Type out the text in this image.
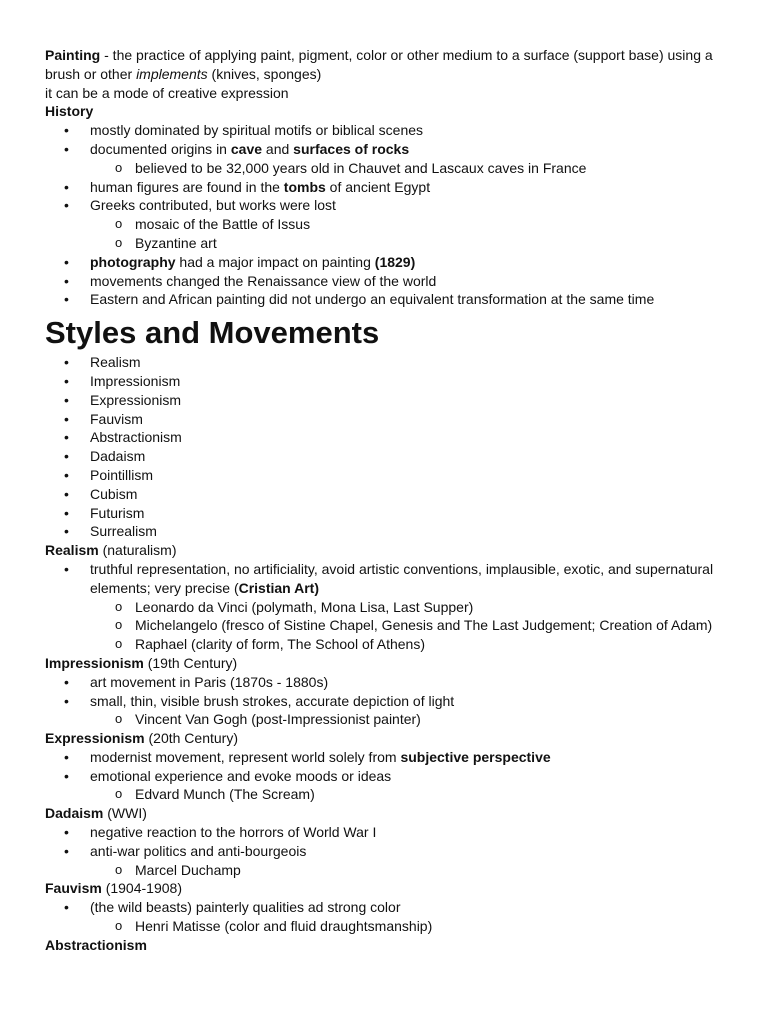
Painting - the practice of applying paint, pigment, color or other medium to a surface (support base) using a brush or other implements (knives, sponges)

it can be a mode of creative expression

History

• mostly dominated by spiritual motifs or biblical scenes
• documented origins in cave and surfaces of rocks
o believed to be 32,000 years old in Chauvet and Lascaux caves in France
• human figures are found in the tombs of ancient Egypt
• Greeks contributed, but works were lost
o mosaic of the Battle of Issus
o Byzantine art
• photography had a major impact on painting (1829)
• movements changed the Renaissance view of the world
• Eastern and African painting did not undergo an equivalent transformation at the same time

Styles and Movements

• Realism
• Impressionism
• Expressionism
• Fauvism
• Abstractionism
• Dadaism
• Pointillism
• Cubism
• Futurism
• Surrealism

Realism (naturalism)

• truthful representation, no artificiality, avoid artistic conventions, implausible, exotic, and supernatural elements; very precise (Cristian Art)
o Leonardo da Vinci (polymath, Mona Lisa, Last Supper)
o Michelangelo (fresco of Sistine Chapel, Genesis and The Last Judgement; Creation of Adam)
o Raphael (clarity of form, The School of Athens)

Impressionism (19th Century)

• art movement in Paris (1870s - 1880s)
• small, thin, visible brush strokes, accurate depiction of light
o Vincent Van Gogh (post-Impressionist painter)

Expressionism (20th Century)

• modernist movement, represent world solely from subjective perspective
• emotional experience and evoke moods or ideas
o Edvard Munch (The Scream)

Dadaism (WWI)

• negative reaction to the horrors of World War I
• anti-war politics and anti-bourgeois
o Marcel Duchamp

Fauvism (1904-1908)

• (the wild beasts) painterly qualities ad strong color
o Henri Matisse (color and fluid draughtsmanship)

Abstractionism
